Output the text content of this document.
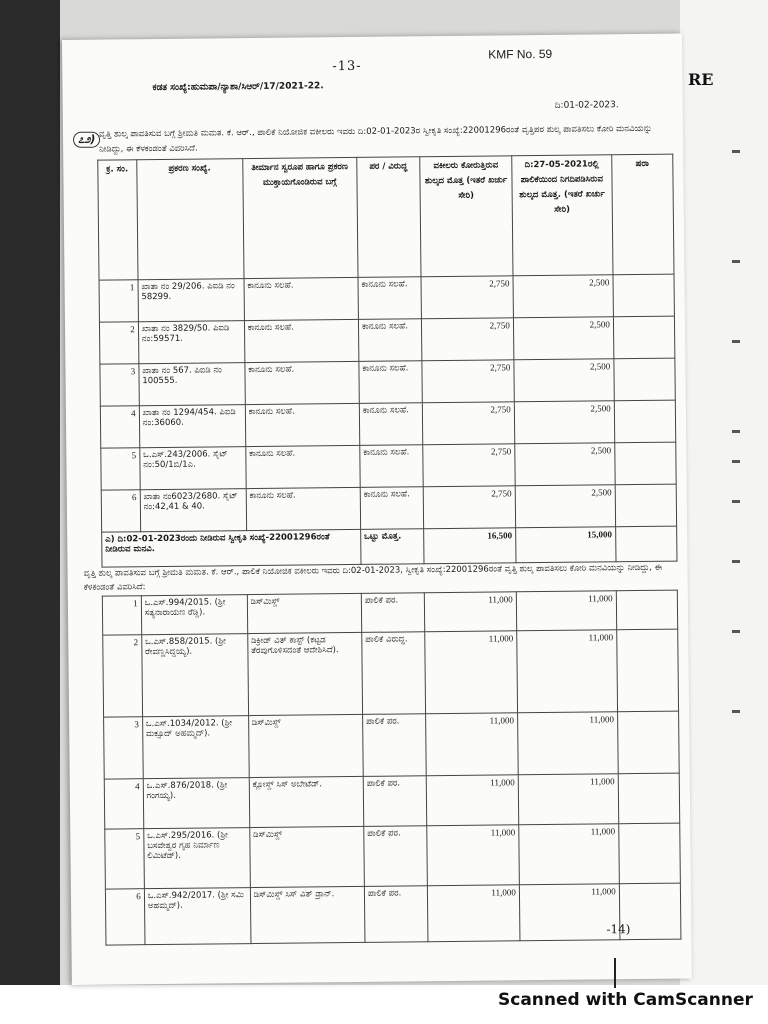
RE
KMF No. 59
-13-
ಕಡತ ಸಂಖ್ಯೆ:ಹುಮಪಾ/ನ್ಯಾಶಾ/ಸಿಆರ್/17/2021-22.
ದಿ:01-02-2023.
೭೨) ವೃತ್ತಿ ಶುಲ್ಕ ಪಾವತಿಸುವ ಬಗ್ಗೆ ಶ್ರೀಮತಿ ಮಮತ. ಕೆ. ಆರ್., ಪಾಲಿಕೆ ನಿಯೋಜಿಕ ವಕೀಲರು ಇವರು ದಿ:02-01-2023ರ ಸ್ವೀಕೃತಿ ಸಂಖ್ಯೆ:22001296ರಂತೆ ವೃತ್ತಿಪರ ಶುಲ್ಕ ಪಾವತಿಸಲು ಕೋರಿ ಮನವಿಯನ್ನು ನೀಡಿದ್ದು, ಈ ಕೆಳಕಂಡಂತೆ ವಿವರಿಸಿದೆ.
ಕ್ರ. ಸಂ.	ಪ್ರಕರಣ ಸಂಖ್ಯೆ.	ತೀರ್ಮಾನ ಸ್ವರೂಪ ಹಾಗೂ ಪ್ರಕರಣ ಮುಕ್ತಾಯಗೊಂಡಿರುವ ಬಗ್ಗೆ	ಪರ / ವಿರುದ್ಧ	ವಕೀಲರು ಕೋರುತ್ತಿರುವ ಶುಲ್ಕದ ಮೊತ್ತ (ಇತರೆ ಖರ್ಚು ಸೇರಿ)	ದಿ:27-05-2021ರಲ್ಲಿ ಪಾಲಿಕೆಯಿಂದ ನಿಗದಿಪಡಿಸಿರುವ ಶುಲ್ಕದ ಮೊತ್ತ. (ಇತರೆ ಖರ್ಚು ಸೇರಿ)	ಷರಾ
1	ಖಾತಾ ನಂ 29/206. ಪಿಐಡಿ ನಂ 58299.	ಕಾನೂನು ಸಲಹೆ.	ಕಾನೂನು ಸಲಹೆ.	2,750	2,500	
2	ಖಾತಾ ನಂ 3829/50. ಪಿಐಡಿ ನಂ:59571.	ಕಾನೂನು ಸಲಹೆ.	ಕಾನೂನು ಸಲಹೆ.	2,750	2,500	
3	ಖಾತಾ ನಂ 567. ಪಿಐಡಿ ನಂ 100555.	ಕಾನೂನು ಸಲಹೆ.	ಕಾನೂನು ಸಲಹೆ.	2,750	2,500	
4	ಖಾತಾ ನಂ 1294/454. ಪಿಐಡಿ ನಂ:36060.	ಕಾನೂನು ಸಲಹೆ.	ಕಾನೂನು ಸಲಹೆ.	2,750	2,500	
5	ಒ.ಎಸ್.243/2006. ಸೈಟ್ ನಂ:50/1ಬಿ/1ಎ.	ಕಾನೂನು ಸಲಹೆ.	ಕಾನೂನು ಸಲಹೆ.	2,750	2,500	
6	ಖಾತಾ ನಂ6023/2680. ಸೈಟ್ ನಂ:42,41 & 40.	ಕಾನೂನು ಸಲಹೆ.	ಕಾನೂನು ಸಲಹೆ.	2,750	2,500	
ಎ) ದಿ:02-01-2023ರಂದು ನೀಡಿರುವ ಸ್ವೀಕೃತಿ ಸಂಖ್ಯೆ-22001296ರಂತೆ ನೀಡಿರುವ ಮನವಿ.			ಒಟ್ಟು ಮೊತ್ತ.	16,500	15,000	
ವೃತ್ತಿ ಶುಲ್ಕ ಪಾವತಿಸುವ ಬಗ್ಗೆ ಶ್ರೀಮತಿ ಮಮತ. ಕೆ. ಆರ್., ಪಾಲಿಕೆ ನಿಯೋಜಿಕ ವಕೀಲರು ಇವರು ದಿ:02-01-2023, ಸ್ವೀಕೃತಿ ಸಂಖ್ಯೆ:22001296ರಂತೆ ವೃತ್ತಿ ಶುಲ್ಕ ಪಾವತಿಸಲು ಕೋರಿ ಮನವಿಯನ್ನು ನೀಡಿದ್ದು, ಈ ಕೆಳಕಂಡಂತೆ ವಿವರಿಸಿದೆ:
1	ಒ.ಎಸ್.994/2015. (ಶ್ರೀ ಸತ್ಯನಾರಾಯಣ ರೆಡ್ಡಿ).	ಡಿಸ್‌ಮಿಸ್ಡ್	ಪಾಲಿಕೆ ಪರ.	11,000	11,000	
2	ಒ.ಎಸ್.858/2015. (ಶ್ರೀ ರೇವಣ್ಣಸಿದ್ದಯ್ಯ).	ಡಿಕ್ರೀಡ್ ವಿತ್ ಕಾಸ್ಟ್ (ಕಟ್ಟಡ ತೆರವುಗೊಳಿಸದಂತೆ ಆದೇಶಿಸಿದೆ).	ಪಾಲಿಕೆ ವಿರುದ್ಧ.	11,000	11,000	
3	ಒ.ಎಸ್.1034/2012. (ಶ್ರೀ ಮಕ್ಸೂದ್ ಅಹಮ್ಮದ್).	ಡಿಸ್‌ಮಿಸ್ಡ್	ಪಾಲಿಕೆ ಪರ.	11,000	11,000	
4	ಒ.ಎಸ್.876/2018. (ಶ್ರೀ ಗಂಗಯ್ಯ).	ಕ್ಲೋಸ್ಡ್ ಸಿಸ್ ಅಬೇಟೆಡ್.	ಪಾಲಿಕೆ ಪರ.	11,000	11,000	
5	ಒ.ಎಸ್.295/2016. (ಶ್ರೀ ಬಸವೇಶ್ವರ ಗೃಹ ನಿರ್ಮಾಣ ಲಿಮಿಟೆಡ್).	ಡಿಸ್‌ಮಿಸ್ಡ್	ಪಾಲಿಕೆ ಪರ.	11,000	11,000	
6	ಒ.ಎಸ್.942/2017. (ಶ್ರೀ ಸಮಿ ಅಹಮ್ಮದ್).	ಡಿಸ್‌ಮಿಸ್ಡ್ ಸಿಸ್ ವಿತ್ ಡ್ರಾನ್.	ಪಾಲಿಕೆ ಪರ.	11,000	11,000	
-14)
Scanned with CamScanner
